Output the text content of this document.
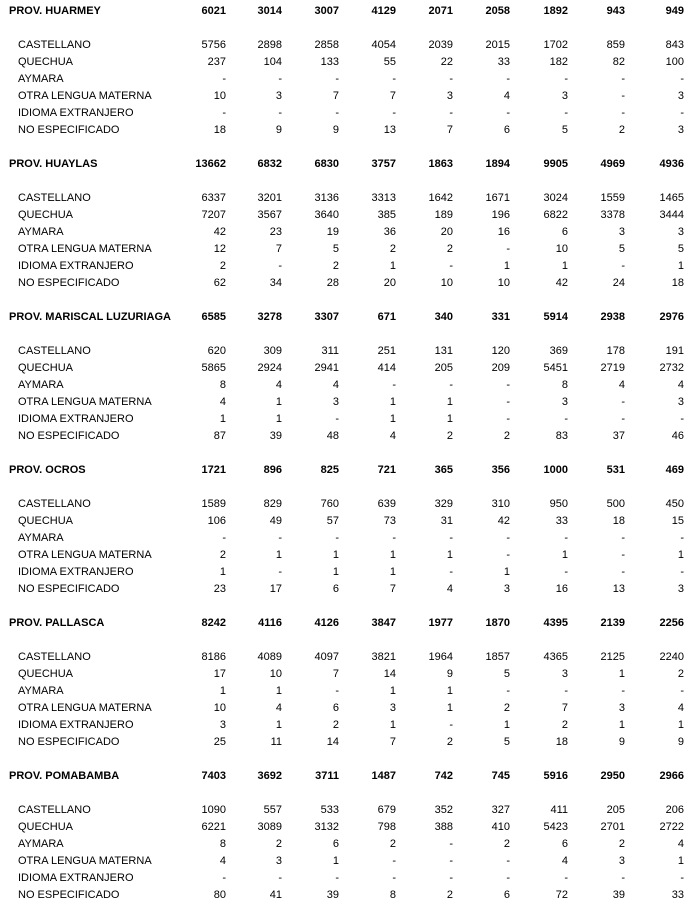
PROV. HUARMEY	6021	3014	3007	4129	2071	2058	1892	943	949
CASTELLANO	5756	2898	2858	4054	2039	2015	1702	859	843
QUECHUA	237	104	133	55	22	33	182	82	100
AYMARA	-	-	-	-	-	-	-	-	-
OTRA LENGUA MATERNA	10	3	7	7	3	4	3	-	3
IDIOMA EXTRANJERO	-	-	-	-	-	-	-	-	-
NO ESPECIFICADO	18	9	9	13	7	6	5	2	3
PROV. HUAYLAS	13662	6832	6830	3757	1863	1894	9905	4969	4936
CASTELLANO	6337	3201	3136	3313	1642	1671	3024	1559	1465
QUECHUA	7207	3567	3640	385	189	196	6822	3378	3444
AYMARA	42	23	19	36	20	16	6	3	3
OTRA LENGUA MATERNA	12	7	5	2	2	-	10	5	5
IDIOMA EXTRANJERO	2	-	2	1	-	1	1	-	1
NO ESPECIFICADO	62	34	28	20	10	10	42	24	18
PROV. MARISCAL LUZURIAGA	6585	3278	3307	671	340	331	5914	2938	2976
CASTELLANO	620	309	311	251	131	120	369	178	191
QUECHUA	5865	2924	2941	414	205	209	5451	2719	2732
AYMARA	8	4	4	-	-	-	8	4	4
OTRA LENGUA MATERNA	4	1	3	1	1	-	3	-	3
IDIOMA EXTRANJERO	1	1	-	1	1	-	-	-	-
NO ESPECIFICADO	87	39	48	4	2	2	83	37	46
PROV. OCROS	1721	896	825	721	365	356	1000	531	469
CASTELLANO	1589	829	760	639	329	310	950	500	450
QUECHUA	106	49	57	73	31	42	33	18	15
AYMARA	-	-	-	-	-	-	-	-	-
OTRA LENGUA MATERNA	2	1	1	1	1	-	1	-	1
IDIOMA EXTRANJERO	1	-	1	1	-	1	-	-	-
NO ESPECIFICADO	23	17	6	7	4	3	16	13	3
PROV. PALLASCA	8242	4116	4126	3847	1977	1870	4395	2139	2256
CASTELLANO	8186	4089	4097	3821	1964	1857	4365	2125	2240
QUECHUA	17	10	7	14	9	5	3	1	2
AYMARA	1	1	-	1	1	-	-	-	-
OTRA LENGUA MATERNA	10	4	6	3	1	2	7	3	4
IDIOMA EXTRANJERO	3	1	2	1	-	1	2	1	1
NO ESPECIFICADO	25	11	14	7	2	5	18	9	9
PROV. POMABAMBA	7403	3692	3711	1487	742	745	5916	2950	2966
CASTELLANO	1090	557	533	679	352	327	411	205	206
QUECHUA	6221	3089	3132	798	388	410	5423	2701	2722
AYMARA	8	2	6	2	-	2	6	2	4
OTRA LENGUA MATERNA	4	3	1	-	-	-	4	3	1
IDIOMA EXTRANJERO	-	-	-	-	-	-	-	-	-
NO ESPECIFICADO	80	41	39	8	2	6	72	39	33
